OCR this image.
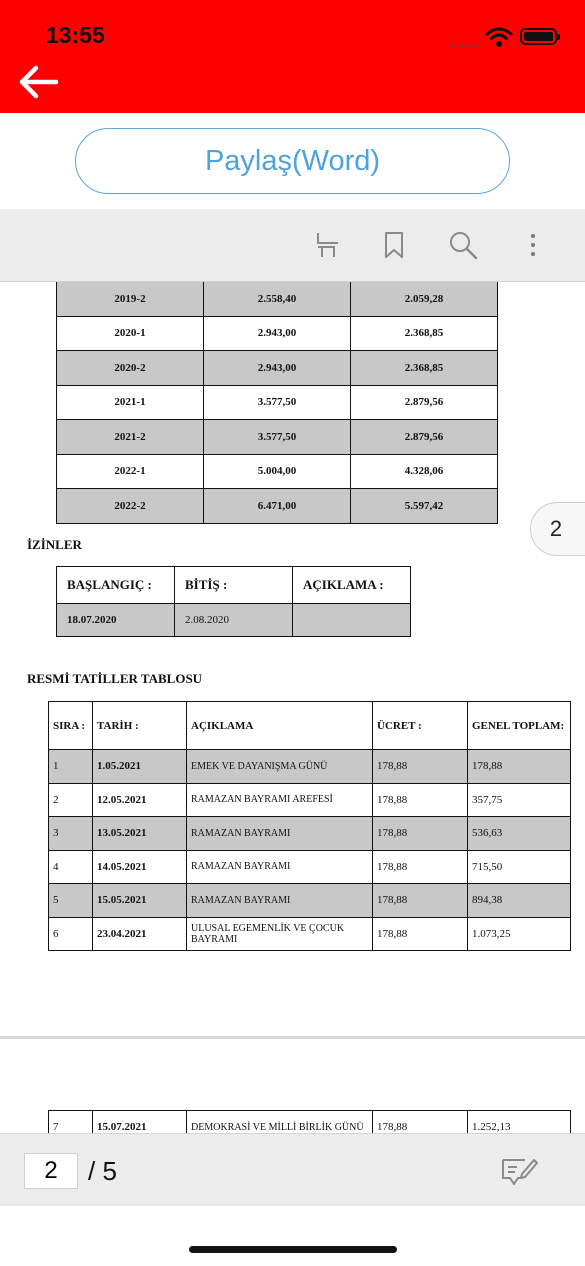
13:55	●●●●
Paylaş(Word)
2019-2	2.558,40	2.059,28
2020-1	2.943,00	2.368,85
2020-2	2.943,00	2.368,85
2021-1	3.577,50	2.879,56
2021-2	3.577,50	2.879,56
2022-1	5.004,00	4.328,06
2022-2	6.471,00	5.597,42
2
İZİNLER
BAŞLANGIÇ :	BİTİŞ :	AÇIKLAMA :
18.07.2020	2.08.2020	
RESMİ TATİLLER TABLOSU
SIRA :	TARİH :	AÇIKLAMA	ÜCRET :	GENEL TOPLAM:
1	1.05.2021	EMEK VE DAYANIŞMA GÜNÜ	178,88	178,88
2	12.05.2021	RAMAZAN BAYRAMI AREFESİ	178,88	357,75
3	13.05.2021	RAMAZAN BAYRAMI	178,88	536,63
4	14.05.2021	RAMAZAN BAYRAMI	178,88	715,50
5	15.05.2021	RAMAZAN BAYRAMI	178,88	894,38
6	23.04.2021	ULUSAL EGEMENLİK VE ÇOCUK BAYRAMI	178,88	1.073,25
7	15.07.2021	DEMOKRASİ VE MİLLİ BİRLİK GÜNÜ	178,88	1.252,13
2	/ 5
